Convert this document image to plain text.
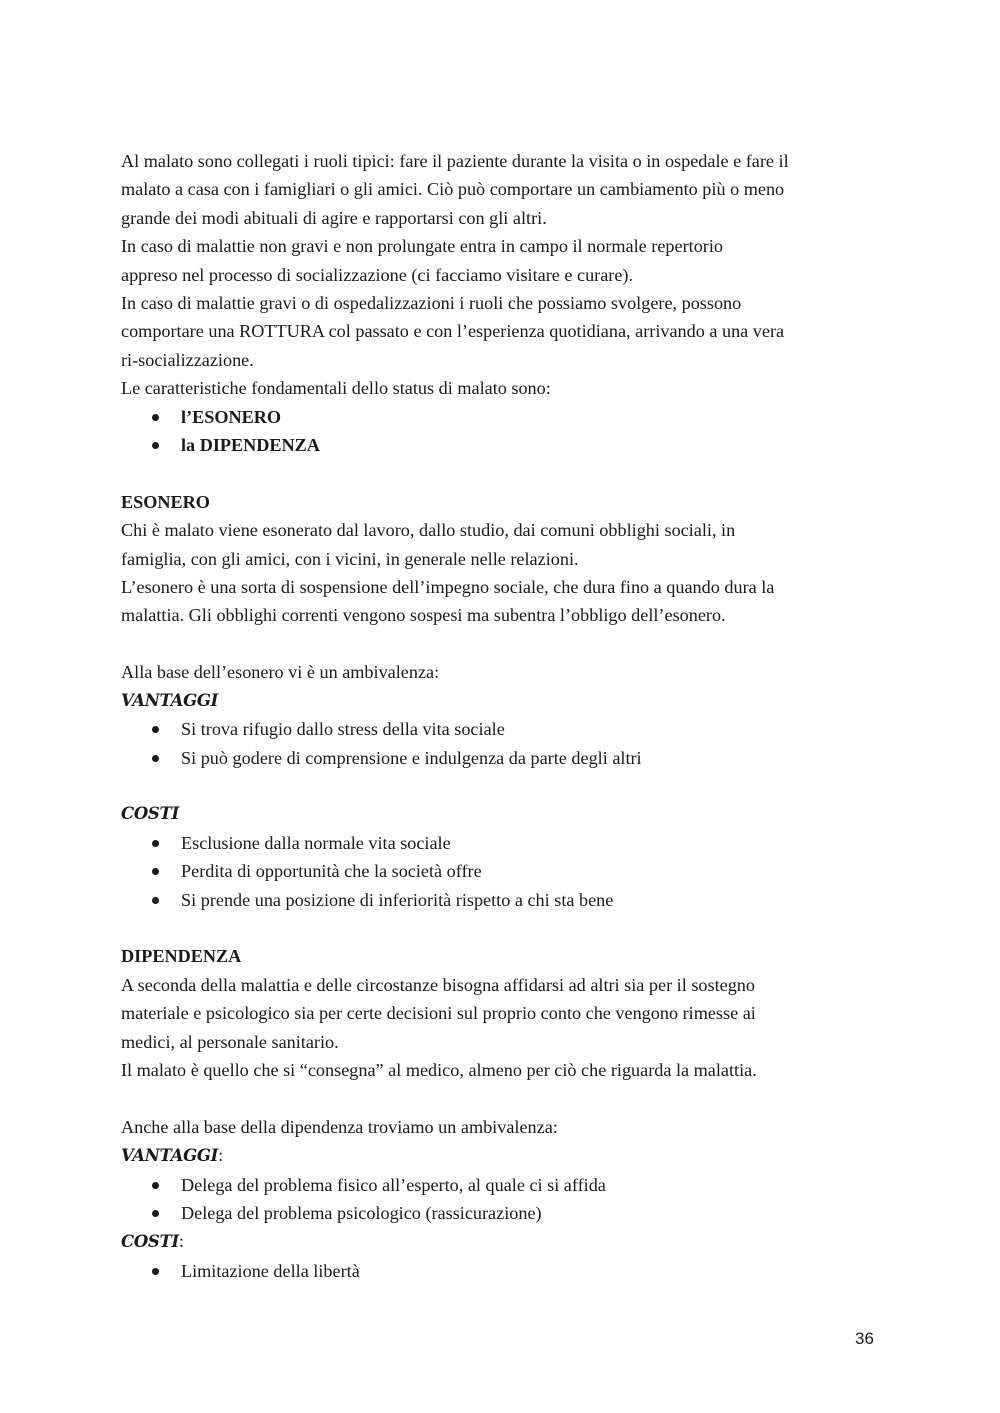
Al malato sono collegati i ruoli tipici: fare il paziente durante la visita o in ospedale e fare il
malato a casa con i famigliari o gli amici. Ciò può comportare un cambiamento più o meno
grande dei modi abituali di agire e rapportarsi con gli altri.
In caso di malattie non gravi e non prolungate entra in campo il normale repertorio
appreso nel processo di socializzazione (ci facciamo visitare e curare).
In caso di malattie gravi o di ospedalizzazioni i ruoli che possiamo svolgere, possono
comportare una ROTTURA col passato e con l’esperienza quotidiana, arrivando a una vera
ri-socializzazione.
Le caratteristiche fondamentali dello status di malato sono:
l’ESONERO
la DIPENDENZA
ESONERO
Chi è malato viene esonerato dal lavoro, dallo studio, dai comuni obblighi sociali, in
famiglia, con gli amici, con i vicini, in generale nelle relazioni.
L’esonero è una sorta di sospensione dell’impegno sociale, che dura fino a quando dura la
malattia. Gli obblighi correnti vengono sospesi ma subentra l’obbligo dell’esonero.
Alla base dell’esonero vi è un ambivalenza:
VANTAGGI
Si trova rifugio dallo stress della vita sociale
Si può godere di comprensione e indulgenza da parte degli altri
COSTI
Esclusione dalla normale vita sociale
Perdita di opportunità che la società offre
Si prende una posizione di inferiorità rispetto a chi sta bene
DIPENDENZA
A seconda della malattia e delle circostanze bisogna affidarsi ad altri sia per il sostegno
materiale e psicologico sia per certe decisioni sul proprio conto che vengono rimesse ai
medici, al personale sanitario.
Il malato è quello che si “consegna” al medico, almeno per ciò che riguarda la malattia.
Anche alla base della dipendenza troviamo un ambivalenza:
VANTAGGI:
Delega del problema fisico all’esperto, al quale ci si affida
Delega del problema psicologico (rassicurazione)
COSTI:
Limitazione della libertà
36
